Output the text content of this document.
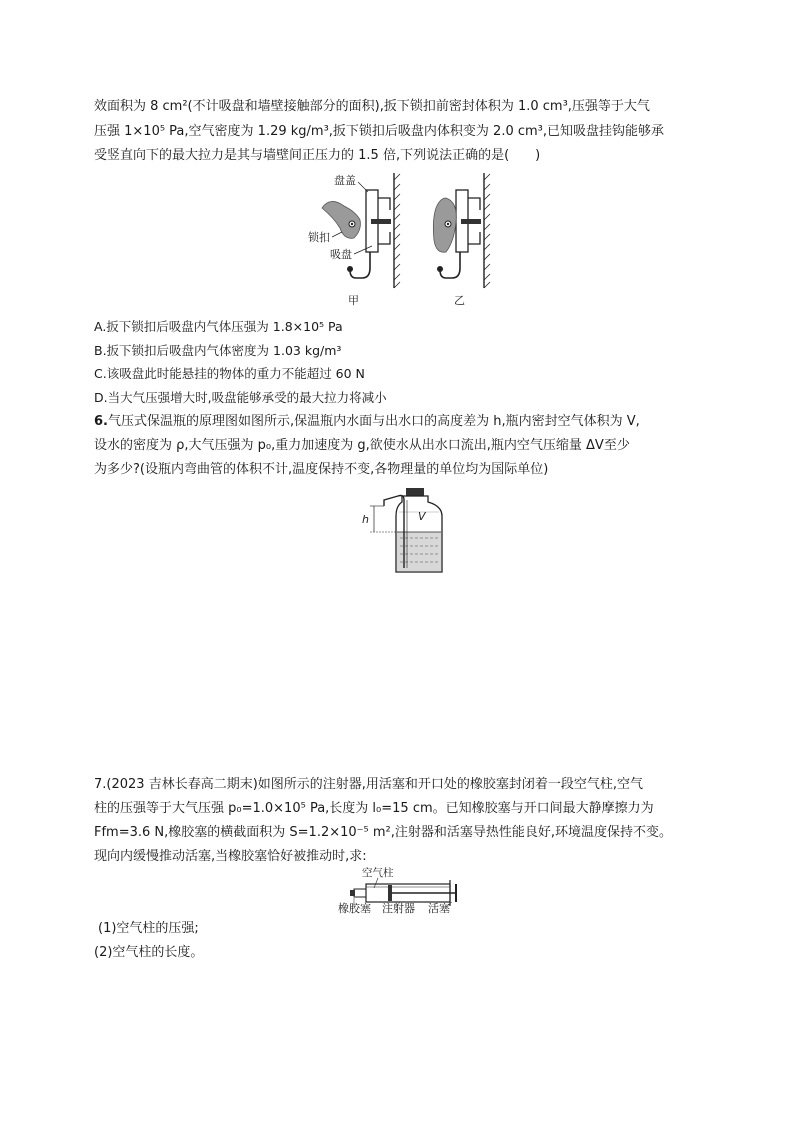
效面积为 8 cm²(不计吸盘和墙壁接触部分的面积),扳下锁扣前密封体积为 1.0 cm³,压强等于大气
压强 1×10⁵ Pa,空气密度为 1.29 kg/m³,扳下锁扣后吸盘内体积变为 2.0 cm³,已知吸盘挂钩能够承
受竖直向下的最大拉力是其与墙壁间正压力的 1.5 倍,下列说法正确的是(　　)
盘盖
锁扣
吸盘
甲	乙
A.扳下锁扣后吸盘内气体压强为 1.8×10⁵ Pa
B.扳下锁扣后吸盘内气体密度为 1.03 kg/m³
C.该吸盘此时能悬挂的物体的重力不能超过 60 N
D.当大气压强增大时,吸盘能够承受的最大拉力将减小
6.气压式保温瓶的原理图如图所示,保温瓶内水面与出水口的高度差为 h,瓶内密封空气体积为 V,
设水的密度为 ρ,大气压强为 p₀,重力加速度为 g,欲使水从出水口流出,瓶内空气压缩量 ΔV至少
为多少?(设瓶内弯曲管的体积不计,温度保持不变,各物理量的单位均为国际单位)
h	V
7.(2023 吉林长春高二期末)如图所示的注射器,用活塞和开口处的橡胶塞封闭着一段空气柱,空气
柱的压强等于大气压强 p₀=1.0×10⁵ Pa,长度为 l₀=15 cm。已知橡胶塞与开口间最大静摩擦力为
Ffm=3.6 N,橡胶塞的横截面积为 S=1.2×10⁻⁵ m²,注射器和活塞导热性能良好,环境温度保持不变。
现向内缓慢推动活塞,当橡胶塞恰好被推动时,求:
空气柱
橡胶塞 注射器 活塞
(1)空气柱的压强;
(2)空气柱的长度。
